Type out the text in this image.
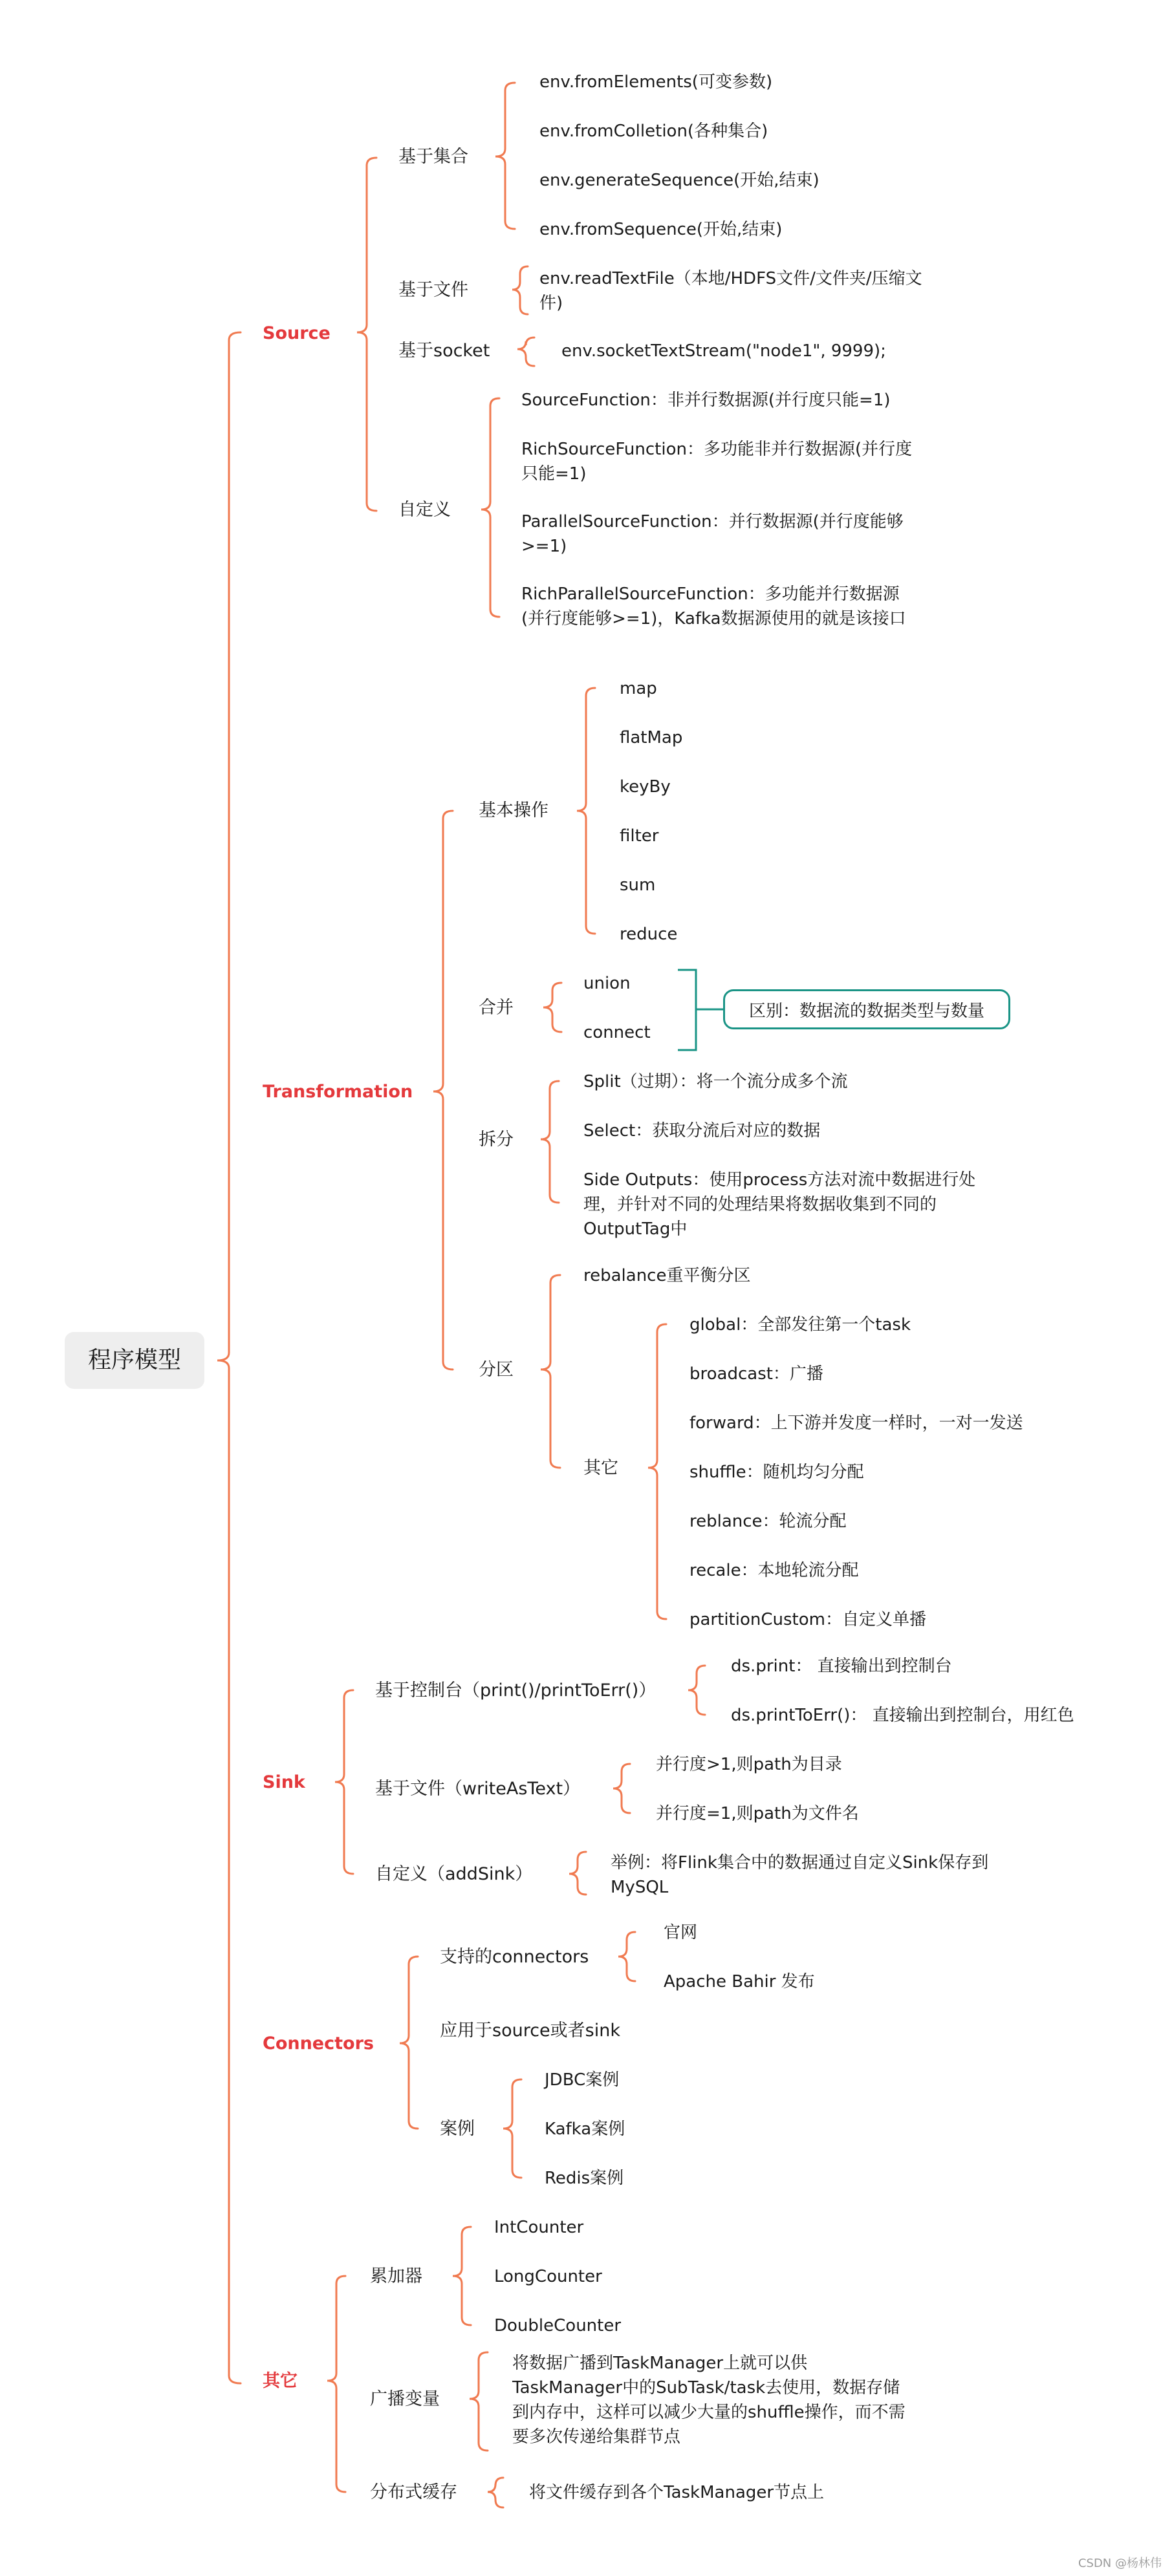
程序模型
Source
基于集合
env.fromElements(可变参数)
env.fromColletion(各种集合)
env.generateSequence(开始,结束)
env.fromSequence(开始,结束)
基于文件
env.readTextFile（本地/HDFS文件/文件夹/压缩文件)
基于socket	env.socketTextStream("node1", 9999);
自定义
SourceFunction：非并行数据源(并行度只能=1)
RichSourceFunction：多功能非并行数据源(并行度只能=1)
ParallelSourceFunction：并行数据源(并行度能够>=1)
RichParallelSourceFunction：多功能并行数据源(并行度能够>=1)，Kafka数据源使用的就是该接口
Transformation
基本操作
map
flatMap
keyBy
filter
sum
reduce
合并
union
connect
区别：数据流的数据类型与数量
拆分
Split（过期）：将一个流分成多个流
Select：获取分流后对应的数据
Side Outputs：使用process方法对流中数据进行处理，并针对不同的处理结果将数据收集到不同的OutputTag中
分区
rebalance重平衡分区
其它
global：全部发往第一个task
broadcast：广播
forward：上下游并发度一样时，一对一发送
shuffle：随机均匀分配
reblance：轮流分配
recale：本地轮流分配
partitionCustom：自定义单播
Sink
基于控制台（print()/printToErr()）
ds.print： 直接输出到控制台
ds.printToErr()： 直接输出到控制台，用红色
基于文件（writeAsText）
并行度>1,则path为目录
并行度=1,则path为文件名
自定义（addSink）
举例：将Flink集合中的数据通过自定义Sink保存到MySQL
Connectors
支持的connectors
官网
Apache Bahir 发布
应用于source或者sink
案例
JDBC案例
Kafka案例
Redis案例
其它
累加器
IntCounter
LongCounter
DoubleCounter
广播变量
将数据广播到TaskManager上就可以供TaskManager中的SubTask/task去使用，数据存储到内存中，这样可以减少大量的shuffle操作，而不需要多次传递给集群节点
分布式缓存	将文件缓存到各个TaskManager节点上
CSDN @杨林伟
